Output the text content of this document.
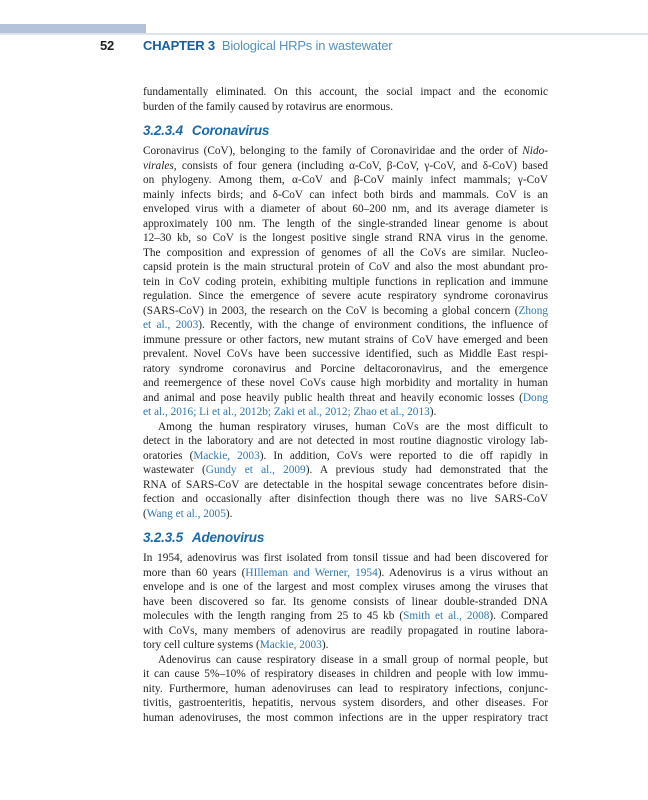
52	CHAPTER 3 Biological HRPs in wastewater
fundamentally eliminated. On this account, the social impact and the economic
burden of the family caused by rotavirus are enormous.
3.2.3.4 Coronavirus
Coronavirus (CoV), belonging to the family of Coronaviridae and the order of Nido-
virales, consists of four genera (including α-CoV, β-CoV, γ-CoV, and δ-CoV) based
on phylogeny. Among them, α-CoV and β-CoV mainly infect mammals; γ-CoV
mainly infects birds; and δ-CoV can infect both birds and mammals. CoV is an
enveloped virus with a diameter of about 60–200 nm, and its average diameter is
approximately 100 nm. The length of the single-stranded linear genome is about
12–30 kb, so CoV is the longest positive single strand RNA virus in the genome.
The composition and expression of genomes of all the CoVs are similar. Nucleo-
capsid protein is the main structural protein of CoV and also the most abundant pro-
tein in CoV coding protein, exhibiting multiple functions in replication and immune
regulation. Since the emergence of severe acute respiratory syndrome coronavirus
(SARS-CoV) in 2003, the research on the CoV is becoming a global concern (Zhong
et al., 2003). Recently, with the change of environment conditions, the influence of
immune pressure or other factors, new mutant strains of CoV have emerged and been
prevalent. Novel CoVs have been successive identified, such as Middle East respi-
ratory syndrome coronavirus and Porcine deltacoronavirus, and the emergence
and reemergence of these novel CoVs cause high morbidity and mortality in human
and animal and pose heavily public health threat and heavily economic losses (Dong
et al., 2016; Li et al., 2012b; Zaki et al., 2012; Zhao et al., 2013).
Among the human respiratory viruses, human CoVs are the most difficult to
detect in the laboratory and are not detected in most routine diagnostic virology lab-
oratories (Mackie, 2003). In addition, CoVs were reported to die off rapidly in
wastewater (Gundy et al., 2009). A previous study had demonstrated that the
RNA of SARS-CoV are detectable in the hospital sewage concentrates before disin-
fection and occasionally after disinfection though there was no live SARS-CoV
(Wang et al., 2005).
3.2.3.5 Adenovirus
In 1954, adenovirus was first isolated from tonsil tissue and had been discovered for
more than 60 years (HIlleman and Werner, 1954). Adenovirus is a virus without an
envelope and is one of the largest and most complex viruses among the viruses that
have been discovered so far. Its genome consists of linear double-stranded DNA
molecules with the length ranging from 25 to 45 kb (Smith et al., 2008). Compared
with CoVs, many members of adenovirus are readily propagated in routine labora-
tory cell culture systems (Mackie, 2003).
Adenovirus can cause respiratory disease in a small group of normal people, but
it can cause 5%–10% of respiratory diseases in children and people with low immu-
nity. Furthermore, human adenoviruses can lead to respiratory infections, conjunc-
tivitis, gastroenteritis, hepatitis, nervous system disorders, and other diseases. For
human adenoviruses, the most common infections are in the upper respiratory tract
